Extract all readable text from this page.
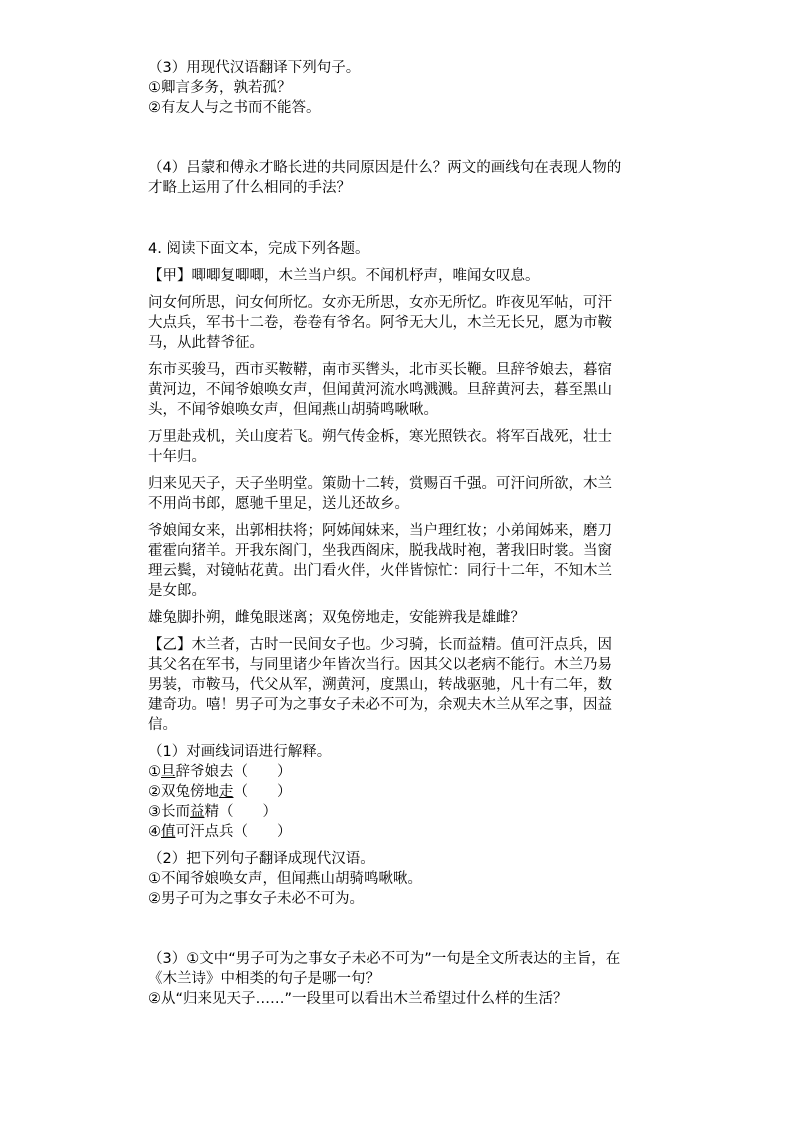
（3）用现代汉语翻译下列句子。

①卿言多务，孰若孤？

②有友人与之书而不能答。

（4）吕蒙和傅永才略长进的共同原因是什么？两文的画线句在表现人物的

才略上运用了什么相同的手法？

4. 阅读下面文本，完成下列各题。

【甲】唧唧复唧唧，木兰当户织。不闻机杼声，唯闻女叹息。

问女何所思，问女何所忆。女亦无所思，女亦无所忆。昨夜见军帖，可汗

大点兵，军书十二卷，卷卷有爷名。阿爷无大儿，木兰无长兄，愿为市鞍

马，从此替爷征。

东市买骏马，西市买鞍鞯，南市买辔头，北市买长鞭。旦辞爷娘去，暮宿

黄河边，不闻爷娘唤女声，但闻黄河流水鸣溅溅。旦辞黄河去，暮至黑山

头，不闻爷娘唤女声，但闻燕山胡骑鸣啾啾。

万里赴戎机，关山度若飞。朔气传金柝，寒光照铁衣。将军百战死，壮士

十年归。

归来见天子，天子坐明堂。策勋十二转，赏赐百千强。可汗问所欲，木兰

不用尚书郎，愿驰千里足，送儿还故乡。

爷娘闻女来，出郭相扶将；阿姊闻妹来，当户理红妆；小弟闻姊来，磨刀

霍霍向猪羊。开我东阁门，坐我西阁床，脱我战时袍，著我旧时裳。当窗

理云鬓，对镜帖花黄。出门看火伴，火伴皆惊忙：同行十二年，不知木兰

是女郎。

雄兔脚扑朔，雌兔眼迷离；双兔傍地走，安能辨我是雄雌？

【乙】木兰者，古时一民间女子也。少习骑，长而益精。值可汗点兵，因

其父名在军书，与同里诸少年皆次当行。因其父以老病不能行。木兰乃易

男装，市鞍马，代父从军，溯黄河，度黑山，转战驱驰，凡十有二年，数

建奇功。嘻！男子可为之事女子未必不可为，余观夫木兰从军之事，因益

信。

（1）对画线词语进行解释。

①旦辞爷娘去（　　）

②双兔傍地走（　　）

③长而益精（　　）

④值可汗点兵（　　）

（2）把下列句子翻译成现代汉语。

①不闻爷娘唤女声，但闻燕山胡骑鸣啾啾。

②男子可为之事女子未必不可为。

（3）①文中“男子可为之事女子未必不可为”一句是全文所表达的主旨，在

《木兰诗》中相类的句子是哪一句？

②从“归来见天子……”一段里可以看出木兰希望过什么样的生活？
